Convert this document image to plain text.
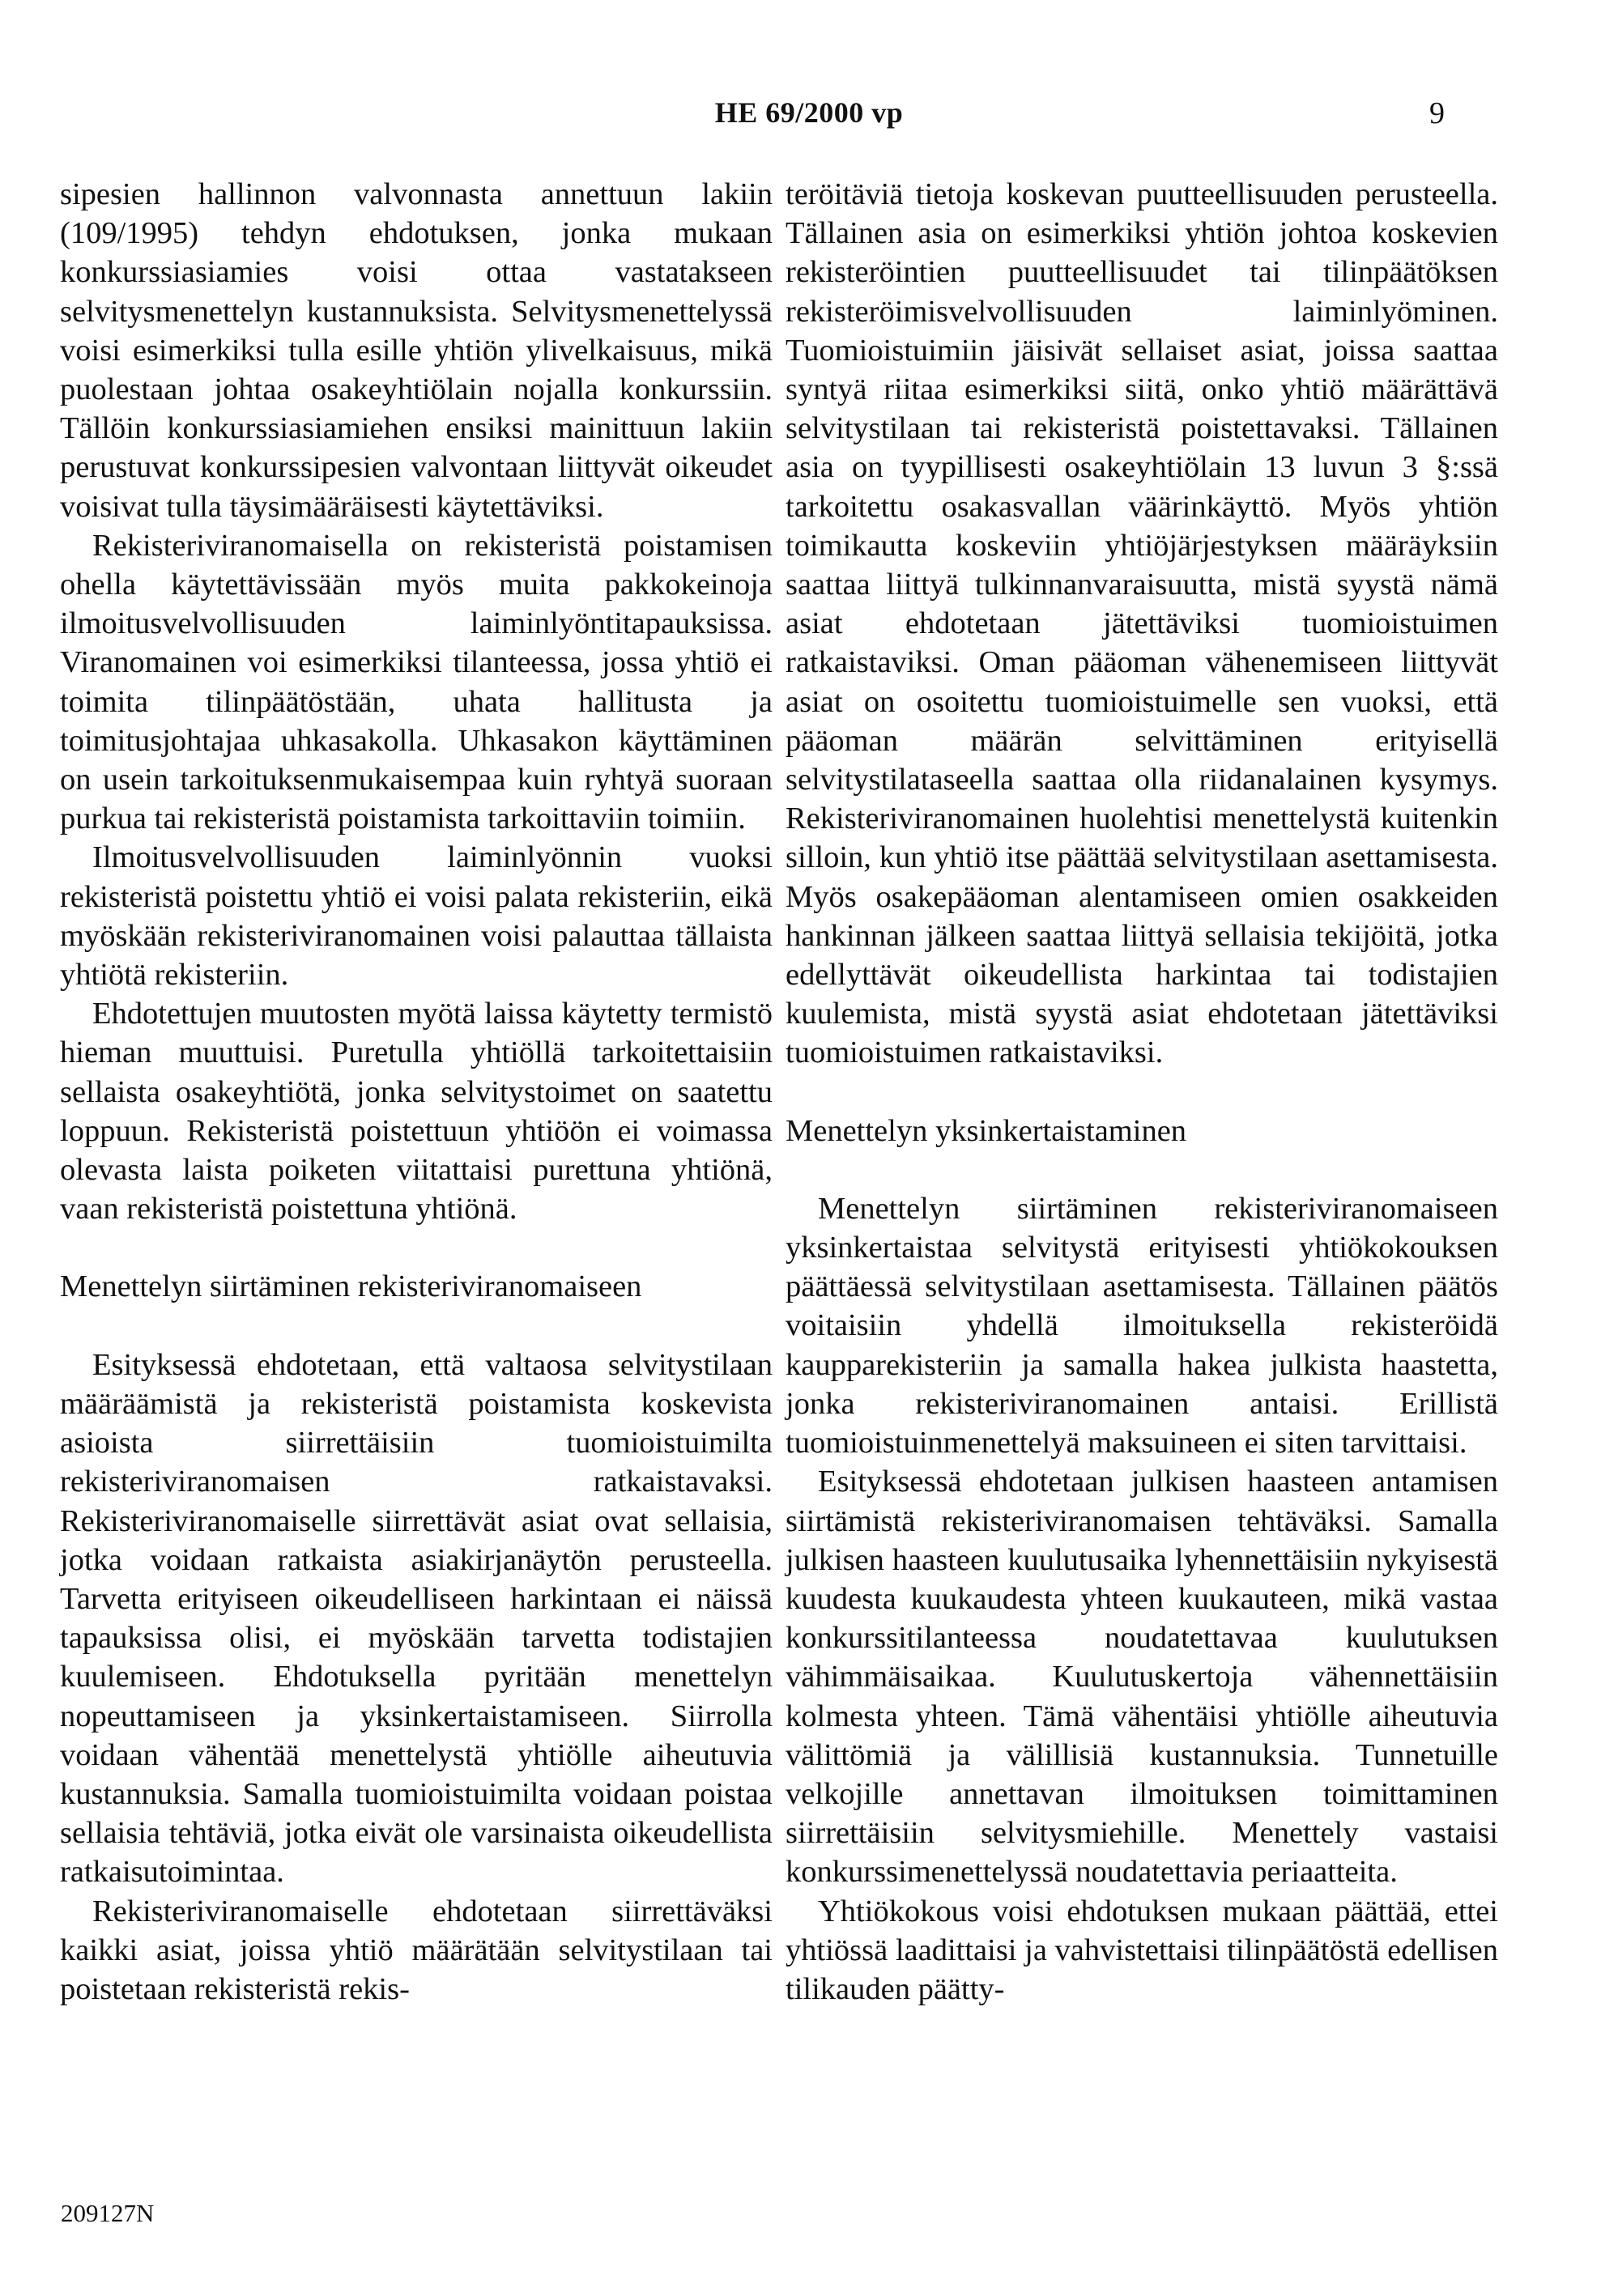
HE 69/2000 vp	9

sipesien hallinnon valvonnasta annettuun lakiin (109/1995) tehdyn ehdotuksen, jonka mukaan konkurssiasiamies voisi ottaa vastatakseen selvitysmenettelyn kustannuksista. Selvitysmenettelyssä voisi esimerkiksi tulla esille yhtiön ylivelkaisuus, mikä puolestaan johtaa osakeyhtiölain nojalla konkurssiin. Tällöin konkurssiasiamiehen ensiksi mainittuun lakiin perustuvat konkurssipesien valvontaan liittyvät oikeudet voisivat tulla täysimääräisesti käytettäviksi.

Rekisteriviranomaisella on rekisteristä poistamisen ohella käytettävissään myös muita pakkokeinoja ilmoitusvelvollisuuden laiminlyöntitapauksissa. Viranomainen voi esimerkiksi tilanteessa, jossa yhtiö ei toimita tilinpäätöstään, uhata hallitusta ja toimitusjohtajaa uhkasakolla. Uhkasakon käyttäminen on usein tarkoituksenmukaisempaa kuin ryhtyä suoraan purkua tai rekisteristä poistamista tarkoittaviin toimiin.

Ilmoitusvelvollisuuden laiminlyönnin vuoksi rekisteristä poistettu yhtiö ei voisi palata rekisteriin, eikä myöskään rekisteriviranomainen voisi palauttaa tällaista yhtiötä rekisteriin.

Ehdotettujen muutosten myötä laissa käytetty termistö hieman muuttuisi. Puretulla yhtiöllä tarkoitettaisiin sellaista osakeyhtiötä, jonka selvitystoimet on saatettu loppuun. Rekisteristä poistettuun yhtiöön ei voimassa olevasta laista poiketen viitattaisi purettuna yhtiönä, vaan rekisteristä poistettuna yhtiönä.

Menettelyn siirtäminen rekisteriviranomaiseen

Esityksessä ehdotetaan, että valtaosa selvitystilaan määräämistä ja rekisteristä poistamista koskevista asioista siirrettäisiin tuomioistuimilta rekisteriviranomaisen ratkaistavaksi. Rekisteriviranomaiselle siirrettävät asiat ovat sellaisia, jotka voidaan ratkaista asiakirjanäytön perusteella. Tarvetta erityiseen oikeudelliseen harkintaan ei näissä tapauksissa olisi, ei myöskään tarvetta todistajien kuulemiseen. Ehdotuksella pyritään menettelyn nopeuttamiseen ja yksinkertaistamiseen. Siirrolla voidaan vähentää menettelystä yhtiölle aiheutuvia kustannuksia. Samalla tuomioistuimilta voidaan poistaa sellaisia tehtäviä, jotka eivät ole varsinaista oikeudellista ratkaisutoimintaa.

Rekisteriviranomaiselle ehdotetaan siirrettäväksi kaikki asiat, joissa yhtiö määrätään selvitystilaan tai poistetaan rekisteristä rekis-

teröitäviä tietoja koskevan puutteellisuuden perusteella. Tällainen asia on esimerkiksi yhtiön johtoa koskevien rekisteröintien puutteellisuudet tai tilinpäätöksen rekisteröimisvelvollisuuden laiminlyöminen. Tuomioistuimiin jäisivät sellaiset asiat, joissa saattaa syntyä riitaa esimerkiksi siitä, onko yhtiö määrättävä selvitystilaan tai rekisteristä poistettavaksi. Tällainen asia on tyypillisesti osakeyhtiölain 13 luvun 3 §:ssä tarkoitettu osakasvallan väärinkäyttö. Myös yhtiön toimikautta koskeviin yhtiöjärjestyksen määräyksiin saattaa liittyä tulkinnanvaraisuutta, mistä syystä nämä asiat ehdotetaan jätettäviksi tuomioistuimen ratkaistaviksi. Oman pääoman vähenemiseen liittyvät asiat on osoitettu tuomioistuimelle sen vuoksi, että pääoman määrän selvittäminen erityisellä selvitystilataseella saattaa olla riidanalainen kysymys. Rekisteriviranomainen huolehtisi menettelystä kuitenkin silloin, kun yhtiö itse päättää selvitystilaan asettamisesta. Myös osakepääoman alentamiseen omien osakkeiden hankinnan jälkeen saattaa liittyä sellaisia tekijöitä, jotka edellyttävät oikeudellista harkintaa tai todistajien kuulemista, mistä syystä asiat ehdotetaan jätettäviksi tuomioistuimen ratkaistaviksi.

Menettelyn yksinkertaistaminen

Menettelyn siirtäminen rekisteriviranomaiseen yksinkertaistaa selvitystä erityisesti yhtiökokouksen päättäessä selvitystilaan asettamisesta. Tällainen päätös voitaisiin yhdellä ilmoituksella rekisteröidä kaupparekisteriin ja samalla hakea julkista haastetta, jonka rekisteriviranomainen antaisi. Erillistä tuomioistuinmenettelyä maksuineen ei siten tarvittaisi.

Esityksessä ehdotetaan julkisen haasteen antamisen siirtämistä rekisteriviranomaisen tehtäväksi. Samalla julkisen haasteen kuulutusaika lyhennettäisiin nykyisestä kuudesta kuukaudesta yhteen kuukauteen, mikä vastaa konkurssitilanteessa noudatettavaa kuulutuksen vähimmäisaikaa. Kuulutuskertoja vähennettäisiin kolmesta yhteen. Tämä vähentäisi yhtiölle aiheutuvia välittömiä ja välillisiä kustannuksia. Tunnetuille velkojille annettavan ilmoituksen toimittaminen siirrettäisiin selvitysmiehille. Menettely vastaisi konkurssimenettelyssä noudatettavia periaatteita.

Yhtiökokous voisi ehdotuksen mukaan päättää, ettei yhtiössä laadittaisi ja vahvistettaisi tilinpäätöstä edellisen tilikauden päätty-

209127N
